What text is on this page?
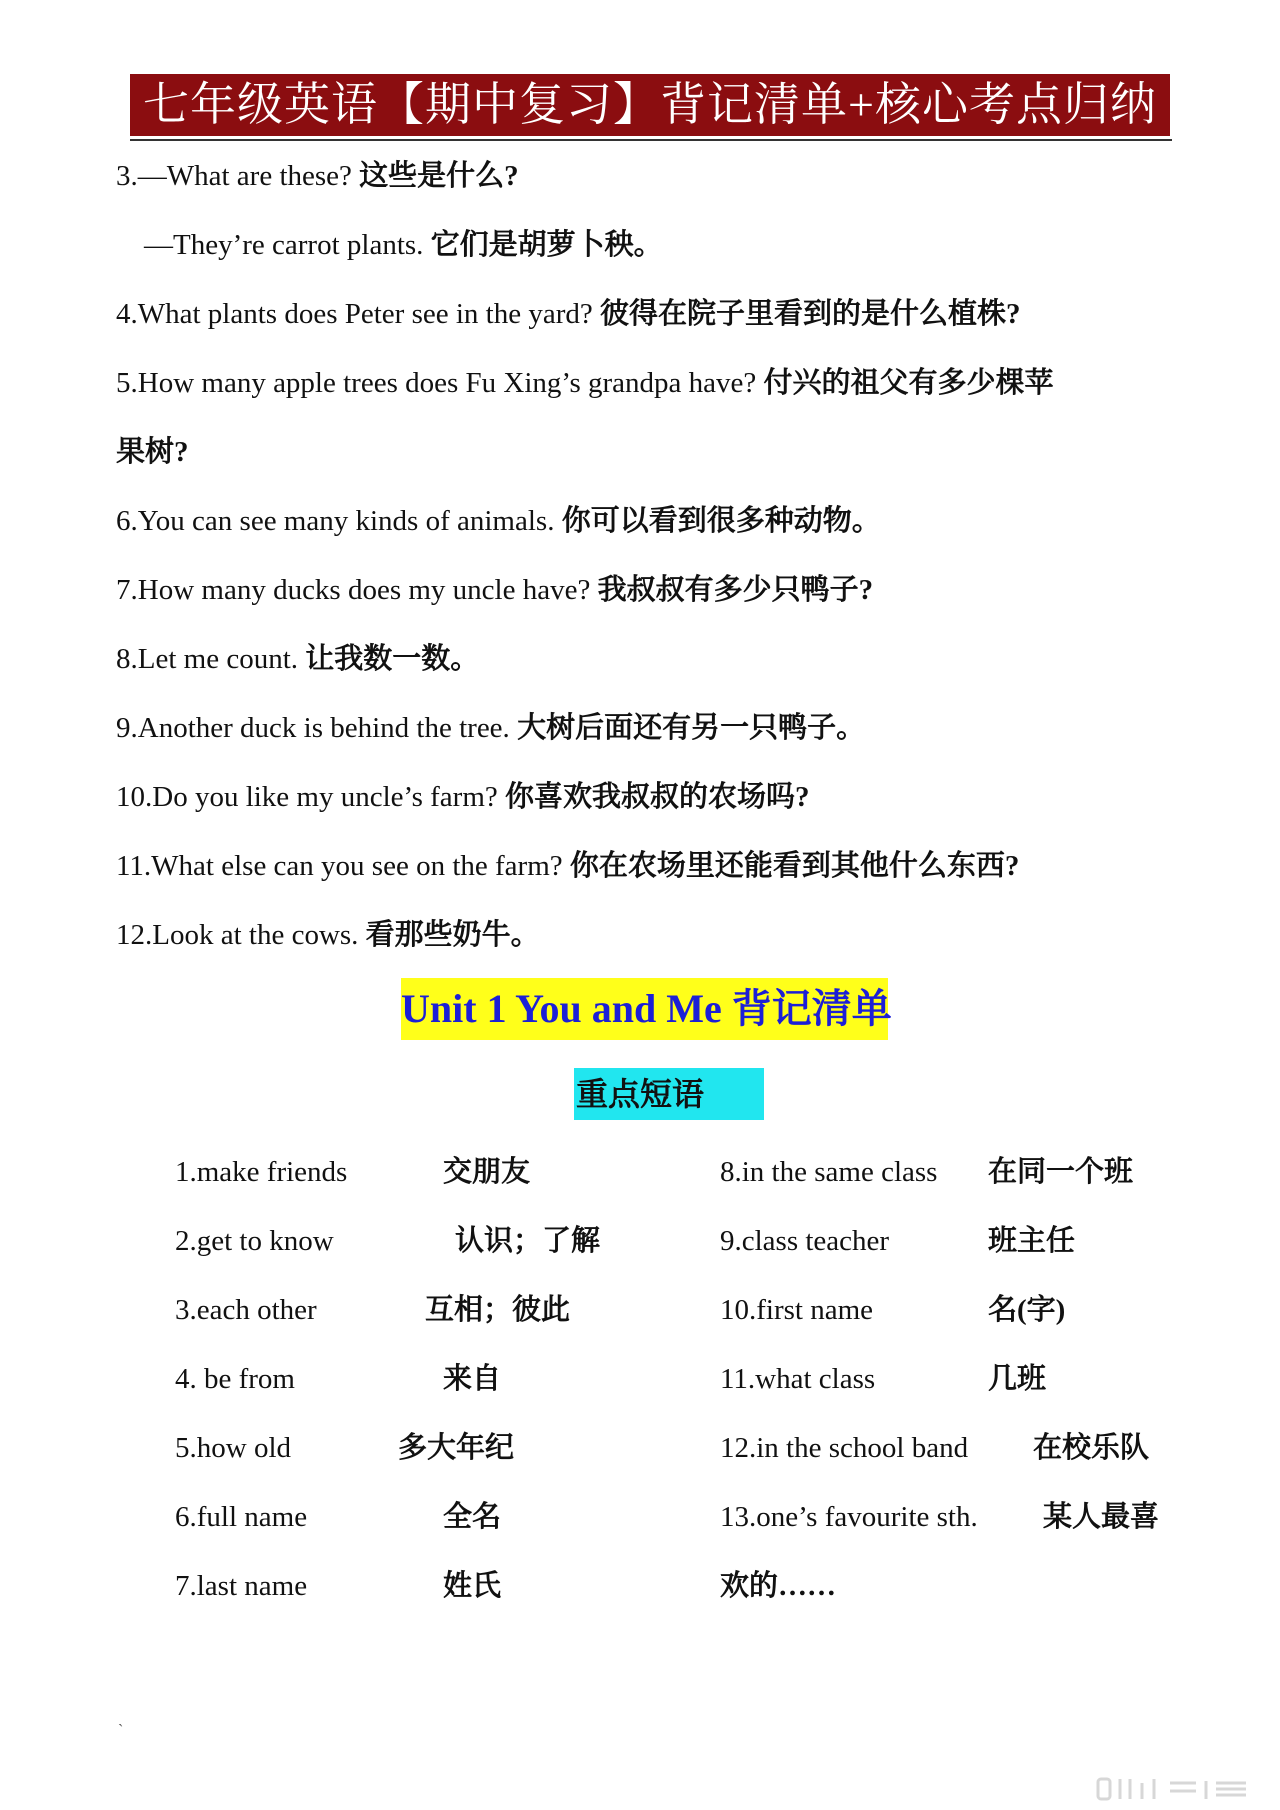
七年级英语【期中复习】背记清单+核心考点归纳
3.—What are these? 这些是什么?
—They’re carrot plants. 它们是胡萝卜秧。
4.What plants does Peter see in the yard? 彼得在院子里看到的是什么植株?
5.How many apple trees does Fu Xing’s grandpa have? 付兴的祖父有多少棵苹
果树?
6.You can see many kinds of animals. 你可以看到很多种动物。
7.How many ducks does my uncle have? 我叔叔有多少只鸭子?
8.Let me count. 让我数一数。
9.Another duck is behind the tree. 大树后面还有另一只鸭子。
10.Do you like my uncle’s farm? 你喜欢我叔叔的农场吗?
11.What else can you see on the farm? 你在农场里还能看到其他什么东西?
12.Look at the cows. 看那些奶牛。
Unit 1 You and Me 背记清单
重点短语
1.make friends	交朋友
2.get to know	认识；了解
3.each other	互相；彼此
4. be from	来自
5.how old	多大年纪
6.full name	全名
7.last name	姓氏
8.in the same class 在同一个班
9.class teacher	班主任
10.first name	名(字)
11.what class	几班
12.in the school band 在校乐队
13.one’s favourite sth. 某人最喜
欢的……
`
